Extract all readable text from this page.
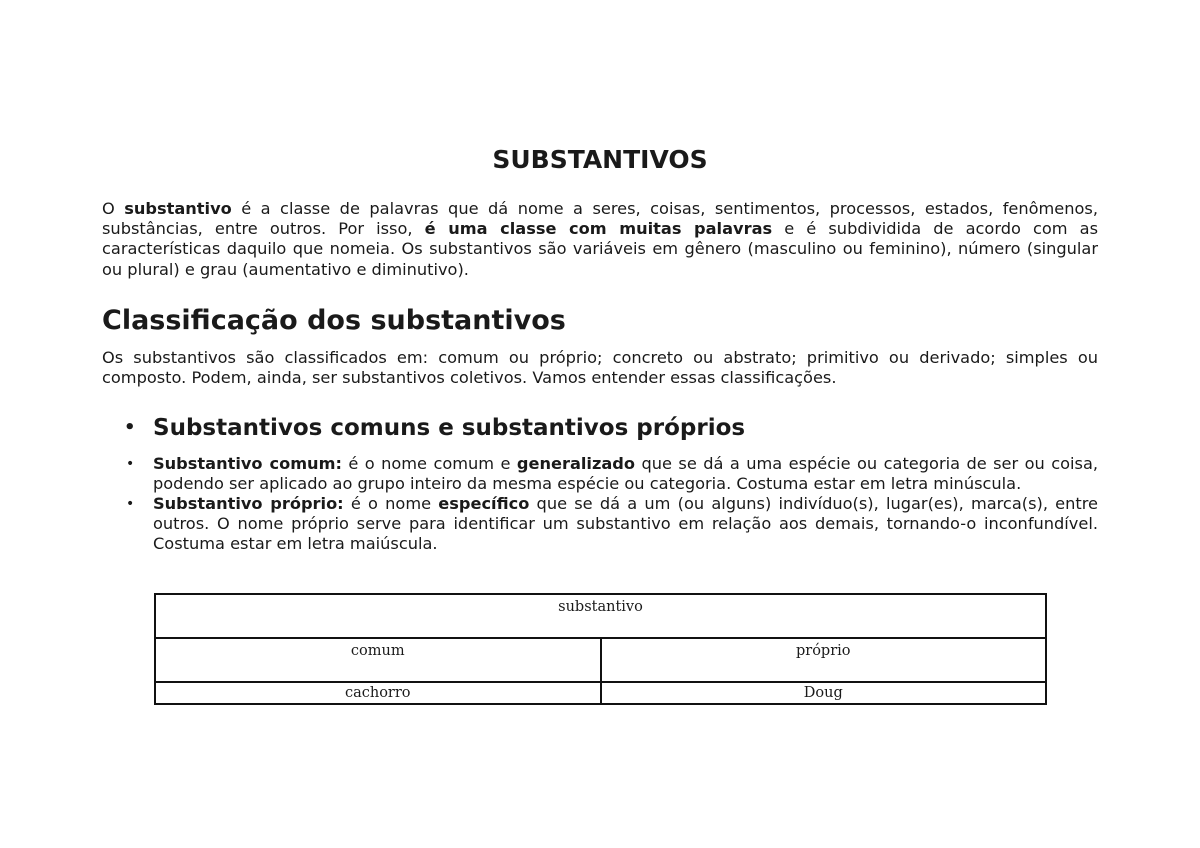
SUBSTANTIVOS

O substantivo é a classe de palavras que dá nome a seres, coisas, sentimentos, processos, estados, fenômenos, substâncias, entre outros. Por isso, é uma classe com muitas palavras e é subdividida de acordo com as características daquilo que nomeia. Os substantivos são variáveis em gênero (masculino ou feminino), número (singular ou plural) e grau (aumentativo e diminutivo).

Classificação dos substantivos

Os substantivos são classificados em: comum ou próprio; concreto ou abstrato; primitivo ou derivado; simples ou composto. Podem, ainda, ser substantivos coletivos. Vamos entender essas classificações.

• Substantivos comuns e substantivos próprios
• Substantivo comum: é o nome comum e generalizado que se dá a uma espécie ou categoria de ser ou coisa, podendo ser aplicado ao grupo inteiro da mesma espécie ou categoria. Costuma estar em letra minúscula.
• Substantivo próprio: é o nome específico que se dá a um (ou alguns) indivíduo(s), lugar(es), marca(s), entre outros. O nome próprio serve para identificar um substantivo em relação aos demais, tornando-o inconfundível. Costuma estar em letra maiúscula.
substantivo	
comum	próprio
cachorro	Doug
